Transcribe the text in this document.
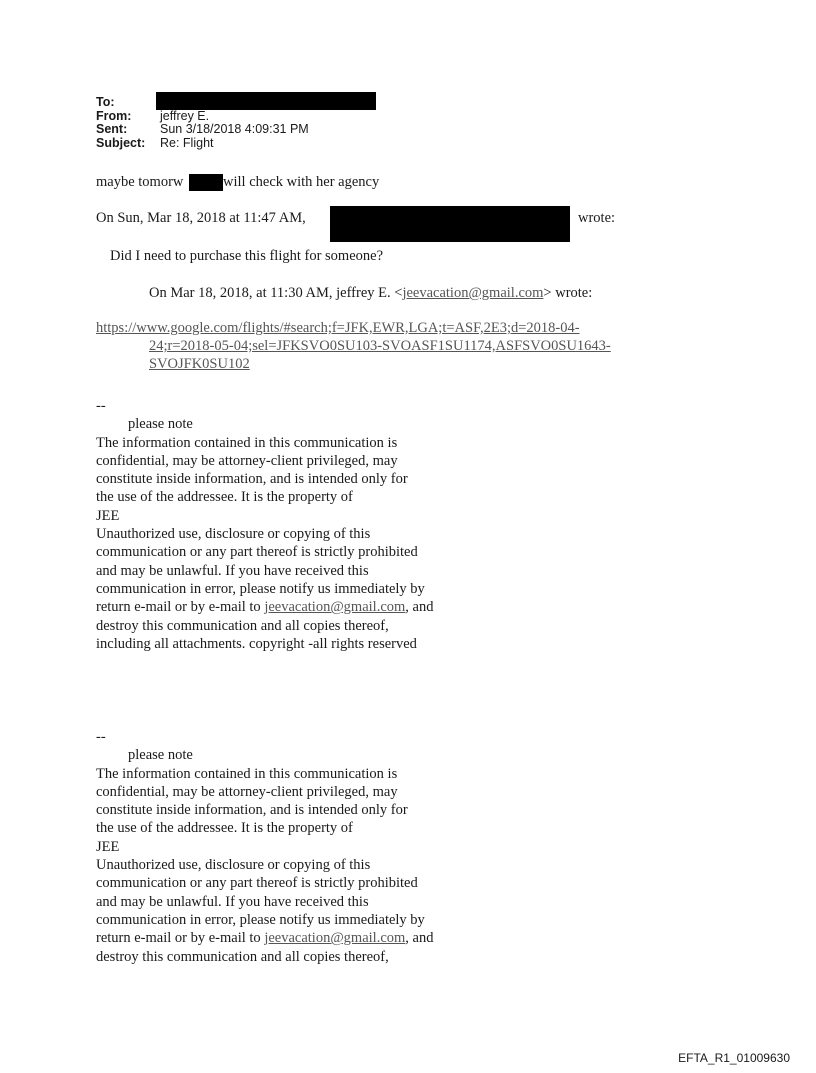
To:
From:	jeffrey E.
Sent:	Sun 3/18/2018 4:09:31 PM
Subject:	Re: Flight
maybe tomorw	will check with her agency
On Sun, Mar 18, 2018 at 11:47 AM,	wrote:
Did I need to purchase this flight for someone?
On Mar 18, 2018, at 11:30 AM, jeffrey E. <jeevacation@gmail.com> wrote:
https://www.google.com/flights/#search;f=JFK,EWR,LGA;t=ASF,2E3;d=2018-04-
24;r=2018-05-04;sel=JFKSVO0SU103-SVOASF1SU1174,ASFSVO0SU1643-
SVOJFK0SU102
--
please note
The information contained in this communication is
confidential, may be attorney-client privileged, may
constitute inside information, and is intended only for
the use of the addressee. It is the property of
JEE
Unauthorized use, disclosure or copying of this
communication or any part thereof is strictly prohibited
and may be unlawful. If you have received this
communication in error, please notify us immediately by
return e-mail or by e-mail to jeevacation@gmail.com, and
destroy this communication and all copies thereof,
including all attachments. copyright -all rights reserved
--
please note
The information contained in this communication is
confidential, may be attorney-client privileged, may
constitute inside information, and is intended only for
the use of the addressee. It is the property of
JEE
Unauthorized use, disclosure or copying of this
communication or any part thereof is strictly prohibited
and may be unlawful. If you have received this
communication in error, please notify us immediately by
return e-mail or by e-mail to jeevacation@gmail.com, and
destroy this communication and all copies thereof,
EFTA_R1_01009630
